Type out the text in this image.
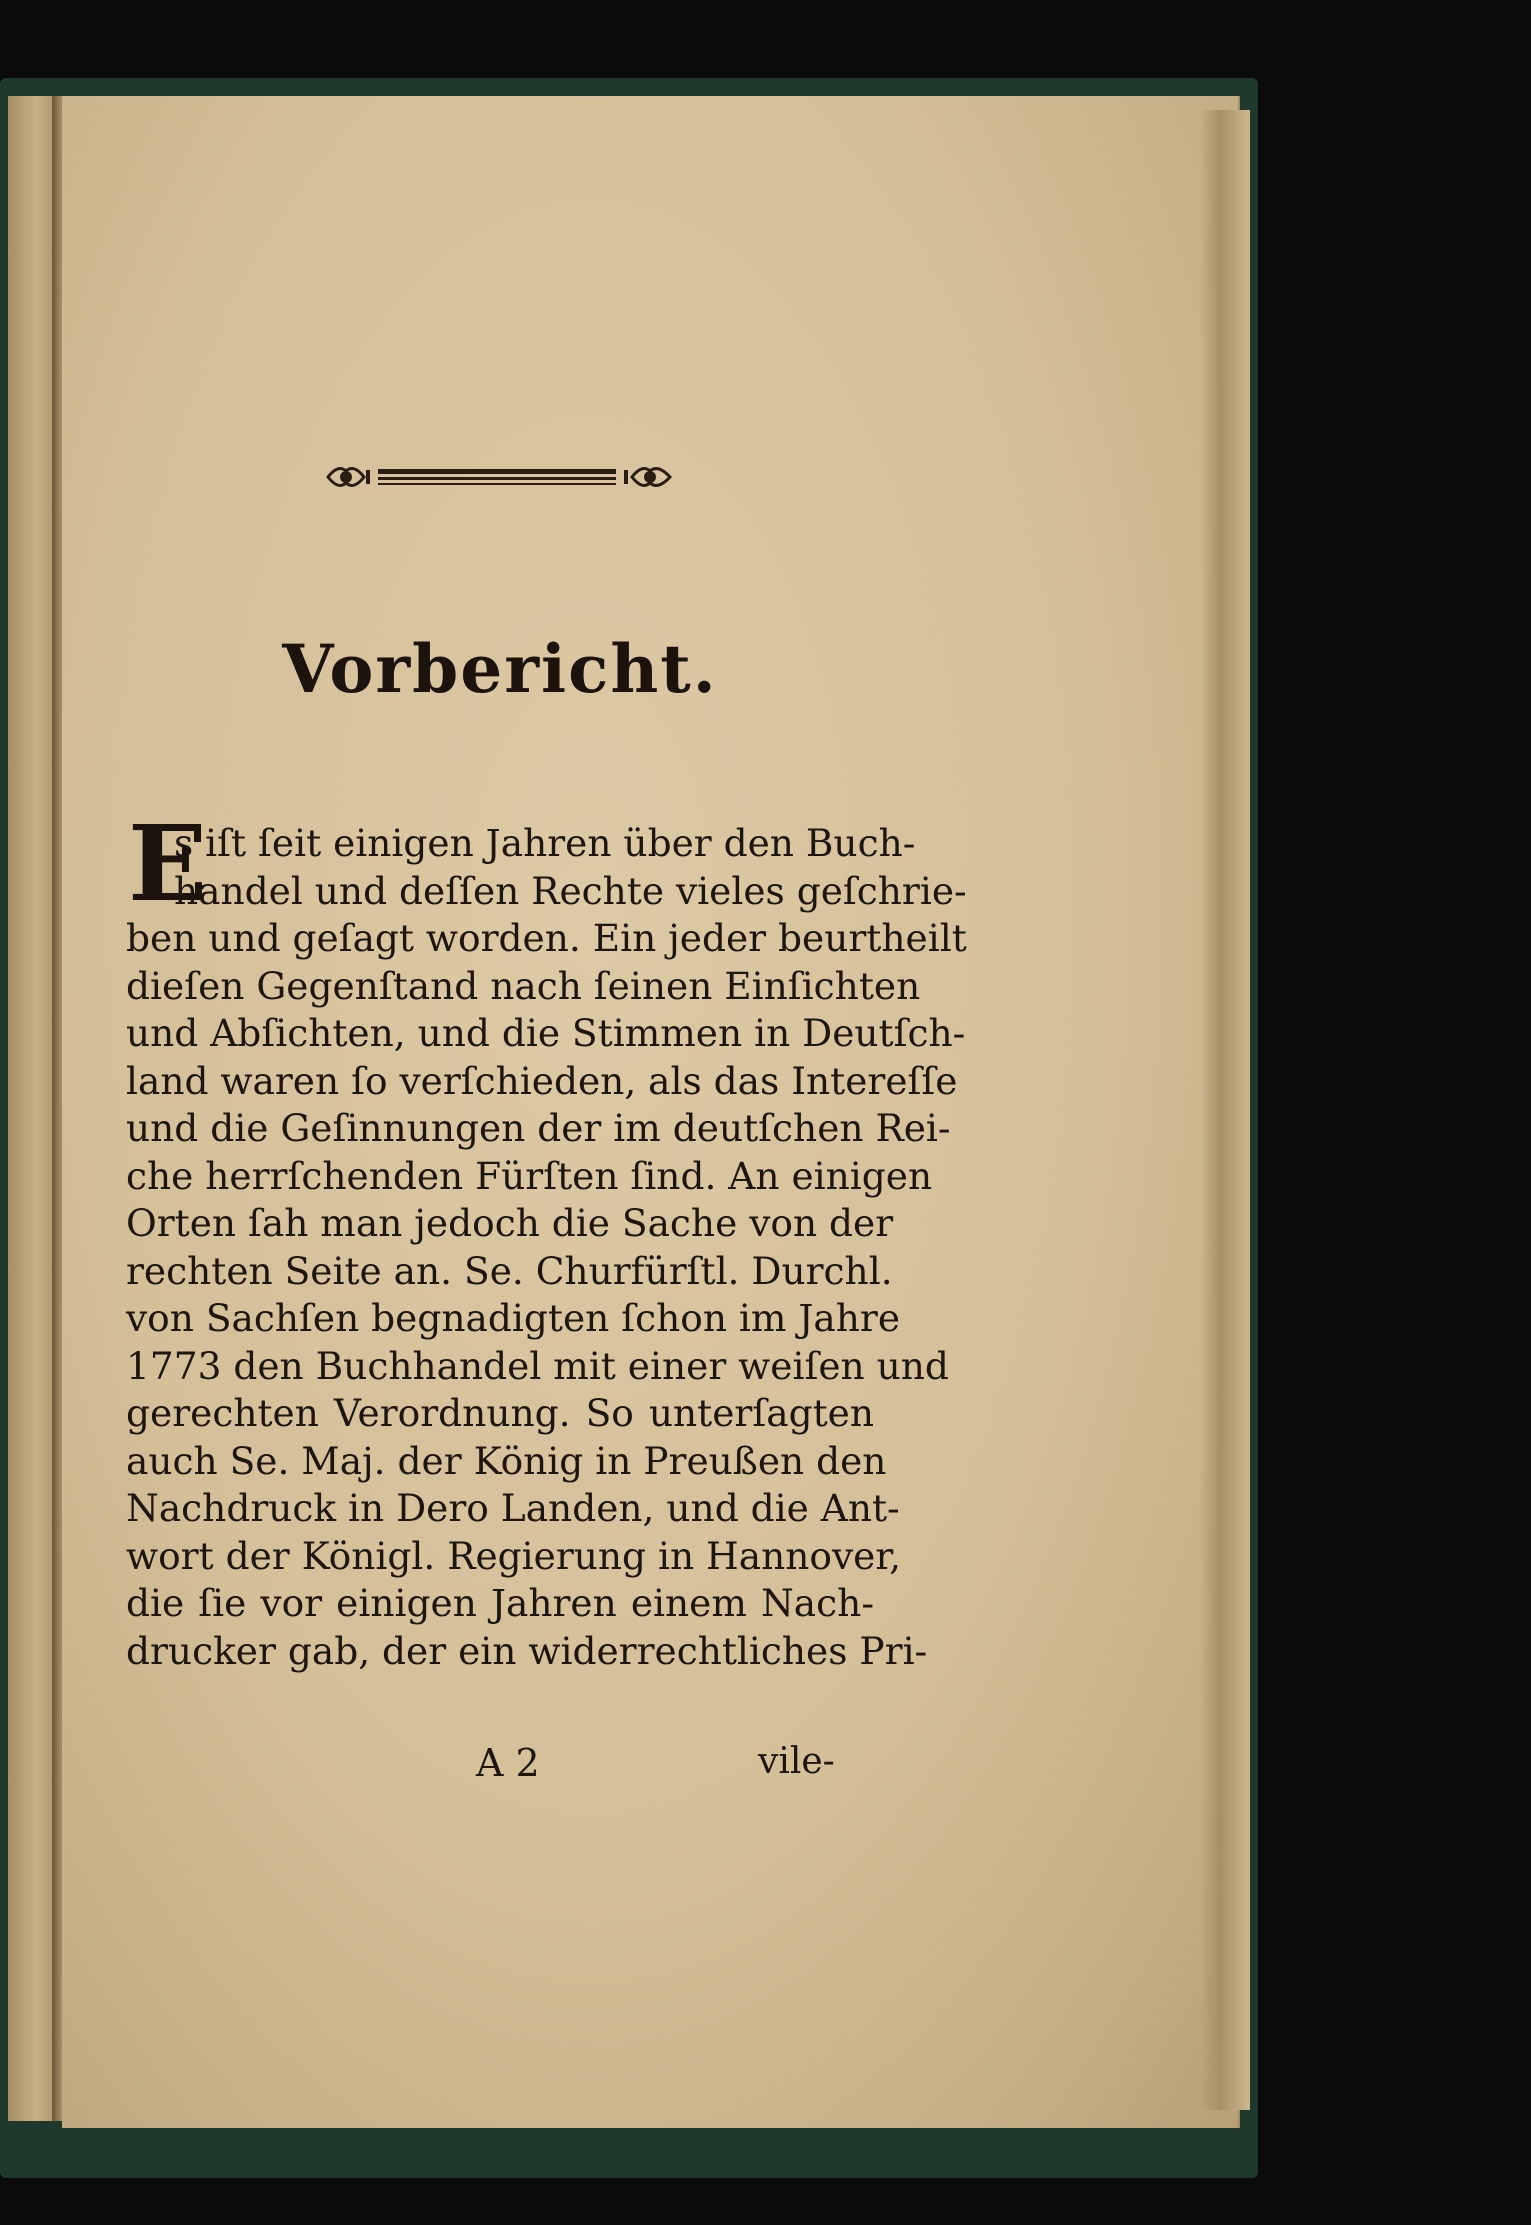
Vorbericht.
E
s iſt ſeit einigen Jahren über den Buch-
handel und deſſen Rechte vieles geſchrie-
ben und geſagt worden. Ein jeder beurtheilt
dieſen Gegenſtand nach ſeinen Einſichten
und Abſichten, und die Stimmen in Deutſch-
land waren ſo verſchieden, als das Intereſſe
und die Geſinnungen der im deutſchen Rei-
che herrſchenden Fürſten ſind. An einigen
Orten ſah man jedoch die Sache von der
rechten Seite an. Se. Churfürſtl. Durchl.
von Sachſen begnadigten ſchon im Jahre
1773 den Buchhandel mit einer weiſen und
gerechten Verordnung. So unterſagten
auch Se. Maj. der König in Preußen den
Nachdruck in Dero Landen, und die Ant-
wort der Königl. Regierung in Hannover,
die ſie vor einigen Jahren einem Nach-
drucker gab, der ein widerrechtliches Pri-
A 2	vile-
